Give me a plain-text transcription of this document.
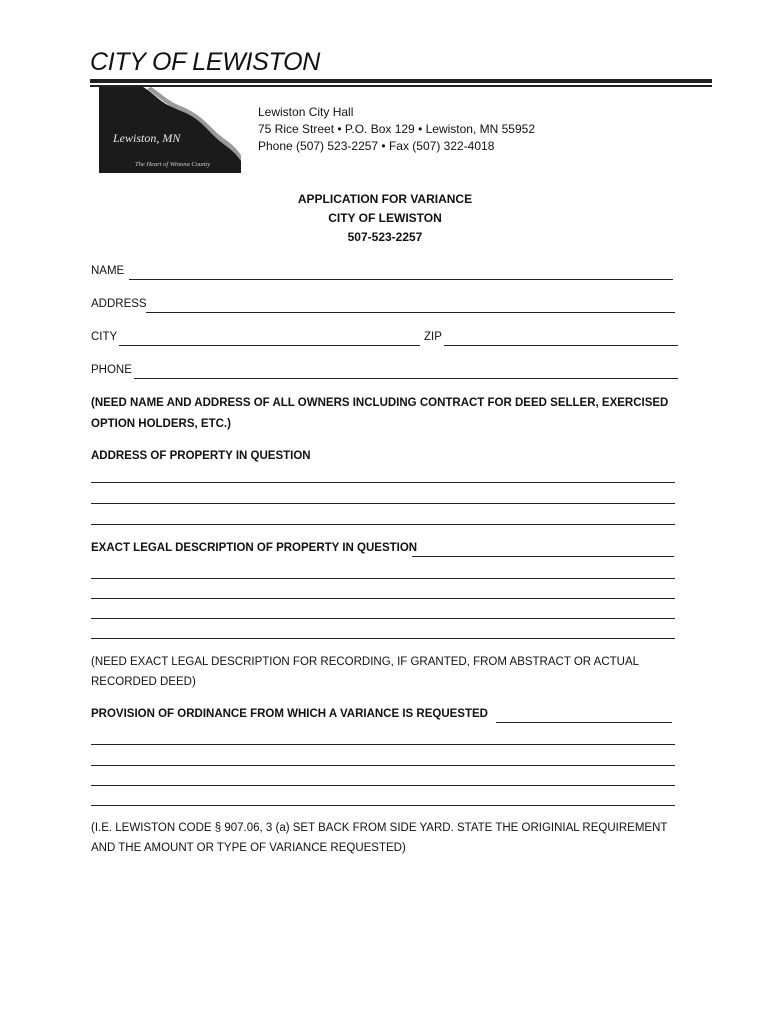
CITY OF LEWISTON
Lewiston, MN
The Heart of Winona County
Lewiston City Hall
75 Rice Street • P.O. Box 129 • Lewiston, MN 55952
Phone (507) 523-2257 • Fax (507) 322-4018
APPLICATION FOR VARIANCE
CITY OF LEWISTON
507-523-2257
NAME
ADDRESS
CITY	ZIP
PHONE
(NEED NAME AND ADDRESS OF ALL OWNERS INCLUDING CONTRACT FOR DEED SELLER, EXERCISED
OPTION HOLDERS, ETC.)
ADDRESS OF PROPERTY IN QUESTION
EXACT LEGAL DESCRIPTION OF PROPERTY IN QUESTION
(NEED EXACT LEGAL DESCRIPTION FOR RECORDING, IF GRANTED, FROM ABSTRACT OR ACTUAL
RECORDED DEED)
PROVISION OF ORDINANCE FROM WHICH A VARIANCE IS REQUESTED
(I.E. LEWISTON CODE § 907.06, 3 (a) SET BACK FROM SIDE YARD. STATE THE ORIGINIAL REQUIREMENT
AND THE AMOUNT OR TYPE OF VARIANCE REQUESTED)
